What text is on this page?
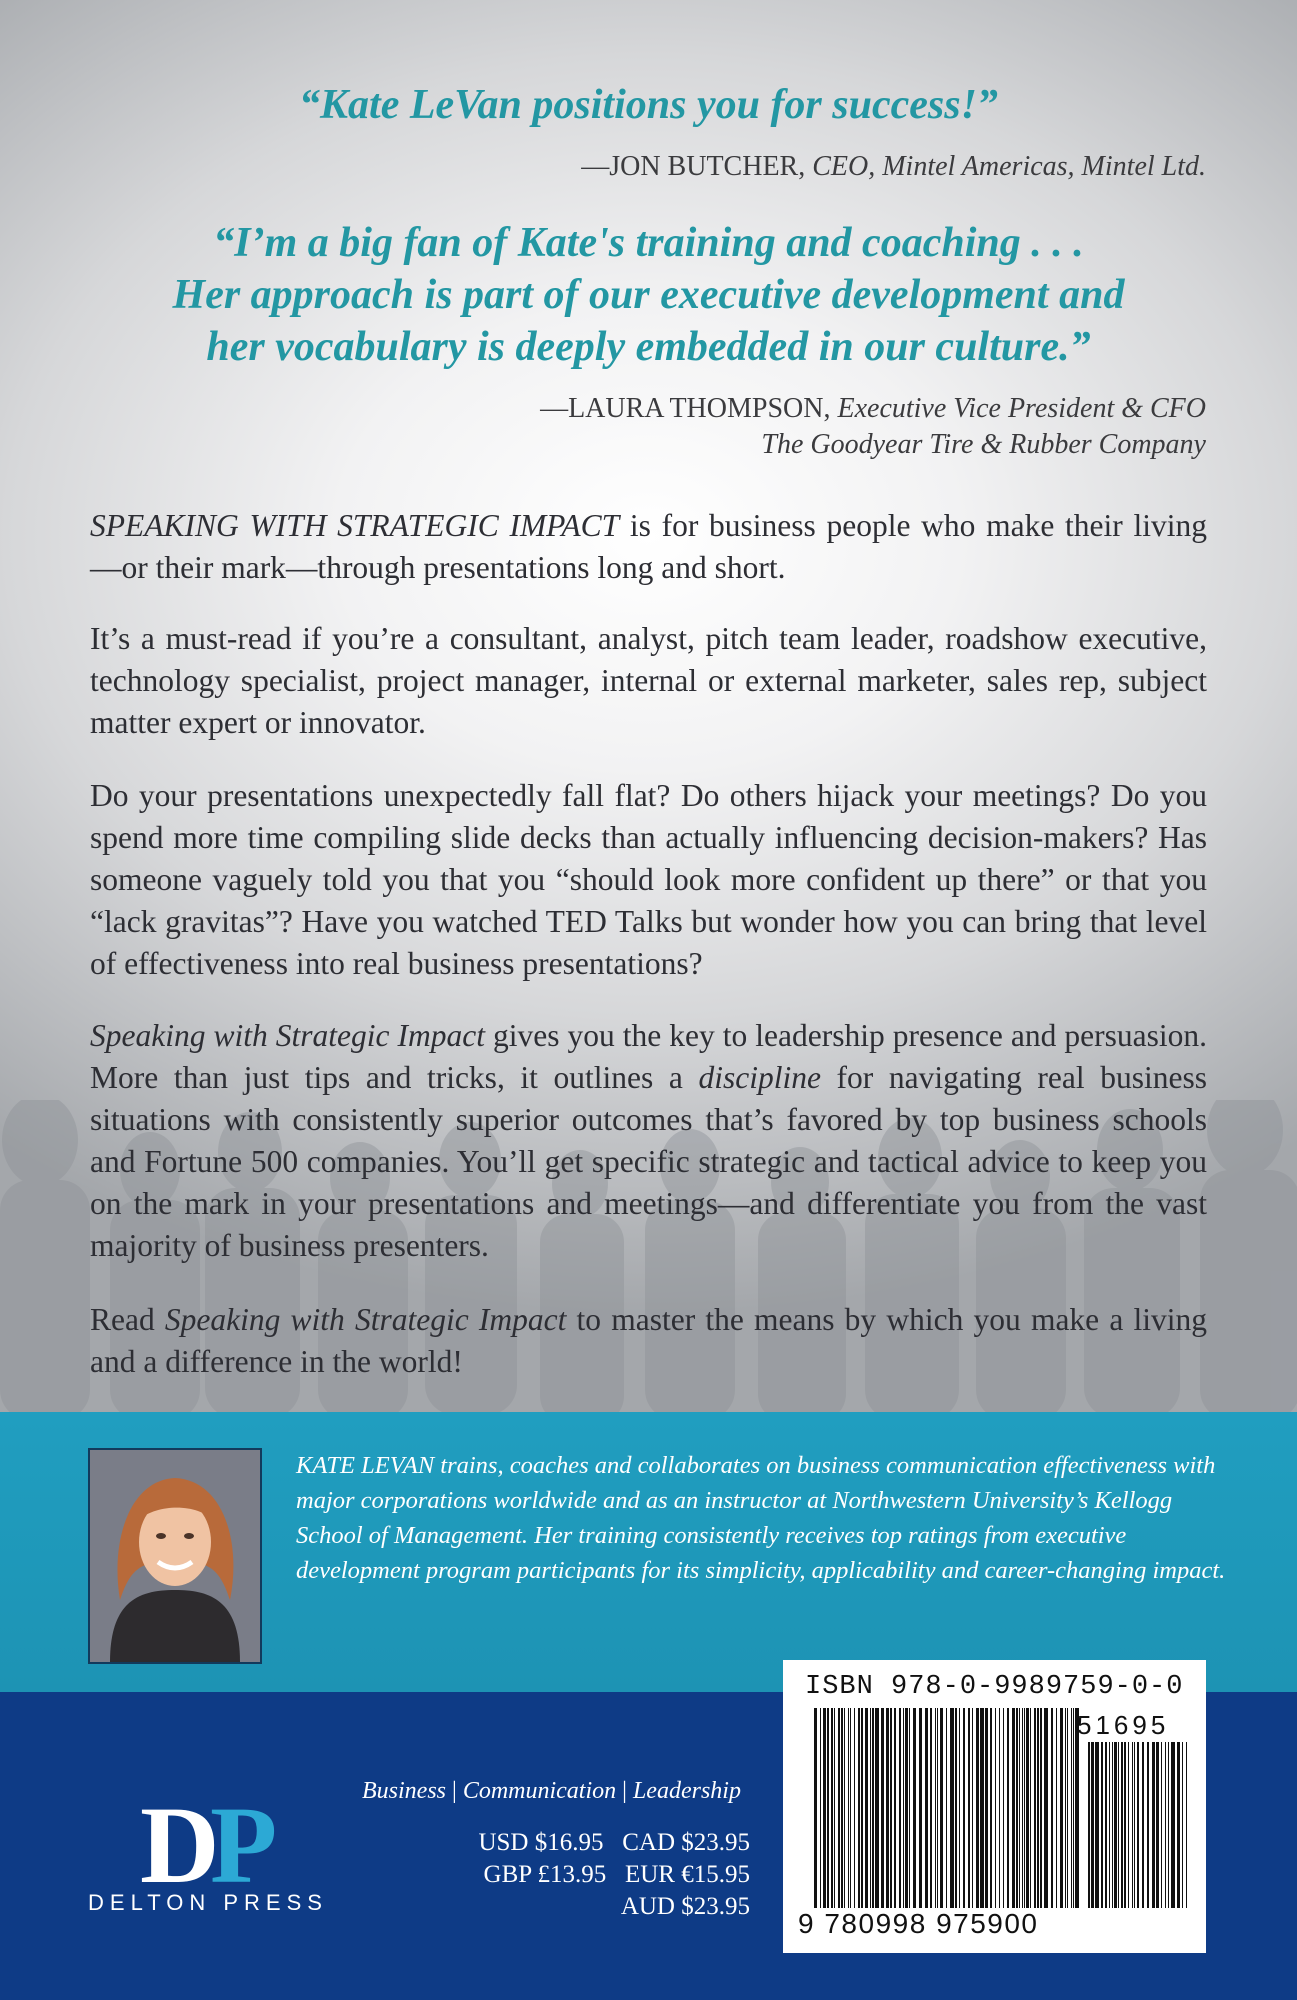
“Kate LeVan positions you for success!”
—JON BUTCHER, CEO, Mintel Americas, Mintel Ltd.
“I’m a big fan of Kate's training and coaching . . .
Her approach is part of our executive development and
her vocabulary is deeply embedded in our culture.”
—LAURA THOMPSON, Executive Vice President & CFO
The Goodyear Tire & Rubber Company
SPEAKING WITH STRATEGIC IMPACT is for business people who make their living—or their mark—through presentations long and short.
It’s a must-read if you’re a consultant, analyst, pitch team leader, roadshow executive, technology specialist, project manager, internal or external marketer, sales rep, subject matter expert or innovator.
Do your presentations unexpectedly fall flat? Do others hijack your meetings? Do you spend more time compiling slide decks than actually influencing decision-makers? Has someone vaguely told you that you “should look more confident up there” or that you “lack gravitas”? Have you watched TED Talks but wonder how you can bring that level of effectiveness into real business presentations?
Speaking with Strategic Impact gives you the key to leadership presence and persuasion. More than just tips and tricks, it outlines a discipline for navigating real business situations with consistently superior outcomes that’s favored by top business schools and Fortune 500 companies. You’ll get specific strategic and tactical advice to keep you on the mark in your presentations and meetings—and differentiate you from the vast majority of business presenters.
Read Speaking with Strategic Impact to master the means by which you make a living and a difference in the world!
KATE LEVAN trains, coaches and collaborates on business communication effectiveness with major corporations worldwide and as an instructor at Northwestern University’s Kellogg School of Management. Her training consistently receives top ratings from executive development program participants for its simplicity, applicability and career-changing impact.
D
P
DELTON PRESS
Business | Communication | Leadership
USD $16.95   CAD $23.95
GBP £13.95   EUR €15.95
AUD $23.95
ISBN 978-0-9989759-0-0
51695
9 780998 975900
